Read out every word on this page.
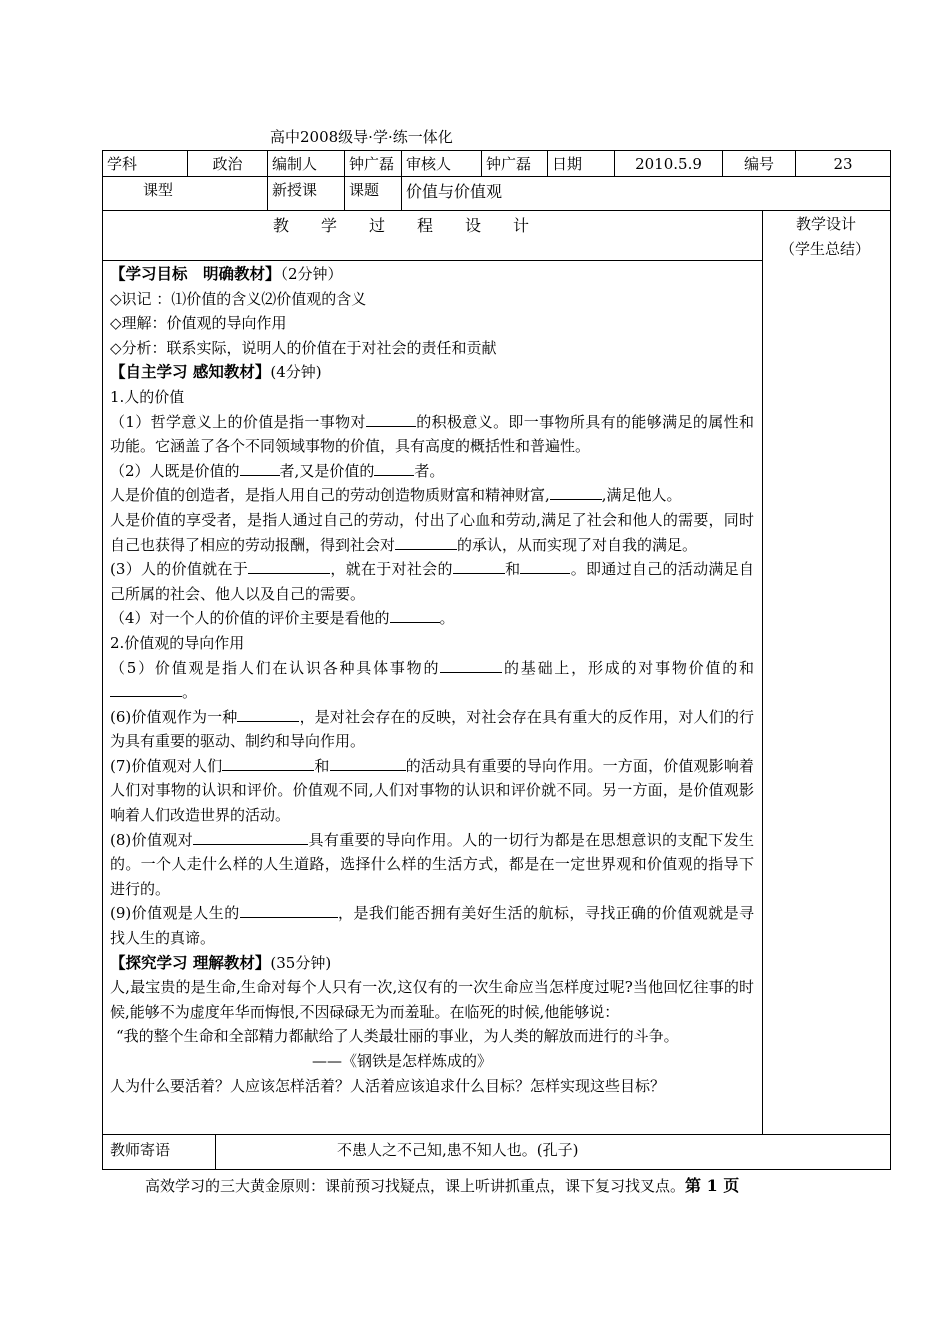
高中2008级导·学·练一体化
学科	政治	编制人	钟广磊	审核人	钟广磊	日期	2010.5.9	编号	23
课型		新授课	课题	价值与价值观					
教　　学　　过　　程　　设　　计	教学设计
（学生总结）

【学习目标　明确教材】（2分钟）

◇识记 ：⑴价值的含义⑵价值观的含义

◇理解：价值观的导向作用

◇分析：联系实际，说明人的价值在于对社会的责任和贡献

【自主学习 感知教材】(4分钟)

1.人的价值

（1）哲学意义上的价值是指一事物对	的积极意义。即一事物所具有的能够满足的属性和功能。它涵盖了各个不同领域事物的价值，具有高度的概括性和普遍性。

（2）人既是价值的	者,又是价值的	者。

人是价值的创造者，是指人用自己的劳动创造物质财富和精神财富,	,满足他人。

人是价值的享受者，是指人通过自己的劳动，付出了心血和劳动,满足了社会和他人的需要，同时自己也获得了相应的劳动报酬，得到社会对	的承认，从而实现了对自我的满足。

(3）人的价值就在于	，就在于对社会的	和	。即通过自己的活动满足自己所属的社会、他人以及自己的需要。

（4）对一个人的价值的评价主要是看他的	。

2.价值观的导向作用

（5）价值观是指人们在认识各种具体事物的	的基础上，形成的对事物价值的和。

(6)价值观作为一种	，是对社会存在的反映，对社会存在具有重大的反作用，对人们的行为具有重要的驱动、制约和导向作用。

(7)价值观对人们	和	的活动具有重要的导向作用。一方面，价值观影响着人们对事物的认识和评价。价值观不同,人们对事物的认识和评价就不同。另一方面，是价值观影响着人们改造世界的活动。

(8)价值观对	具有重要的导向作用。人的一切行为都是在思想意识的支配下发生的。一个人走什么样的人生道路，选择什么样的生活方式，都是在一定世界观和价值观的指导下进行的。

(9)价值观是人生的	，是我们能否拥有美好生活的航标，寻找正确的价值观就是寻找人生的真谛。

【探究学习 理解教材】(35分钟)

人,最宝贵的是生命,生命对每个人只有一次,这仅有的一次生命应当怎样度过呢?当他回忆往事的时候,能够不为虚度年华而悔恨,不因碌碌无为而羞耻。在临死的时候,他能够说：

“我的整个生命和全部精力都献给了人类最壮丽的事业，为人类的解放而进行的斗争。

——《钢铁是怎样炼成的》

人为什么要活着？人应该怎样活着？人活着应该追求什么目标？怎样实现这些目标？

教师寄语	不患人之不己知,患不知人也。(孔子)
高效学习的三大黄金原则：课前预习找疑点，课上听讲抓重点，课下复习找叉点。第 1 页
